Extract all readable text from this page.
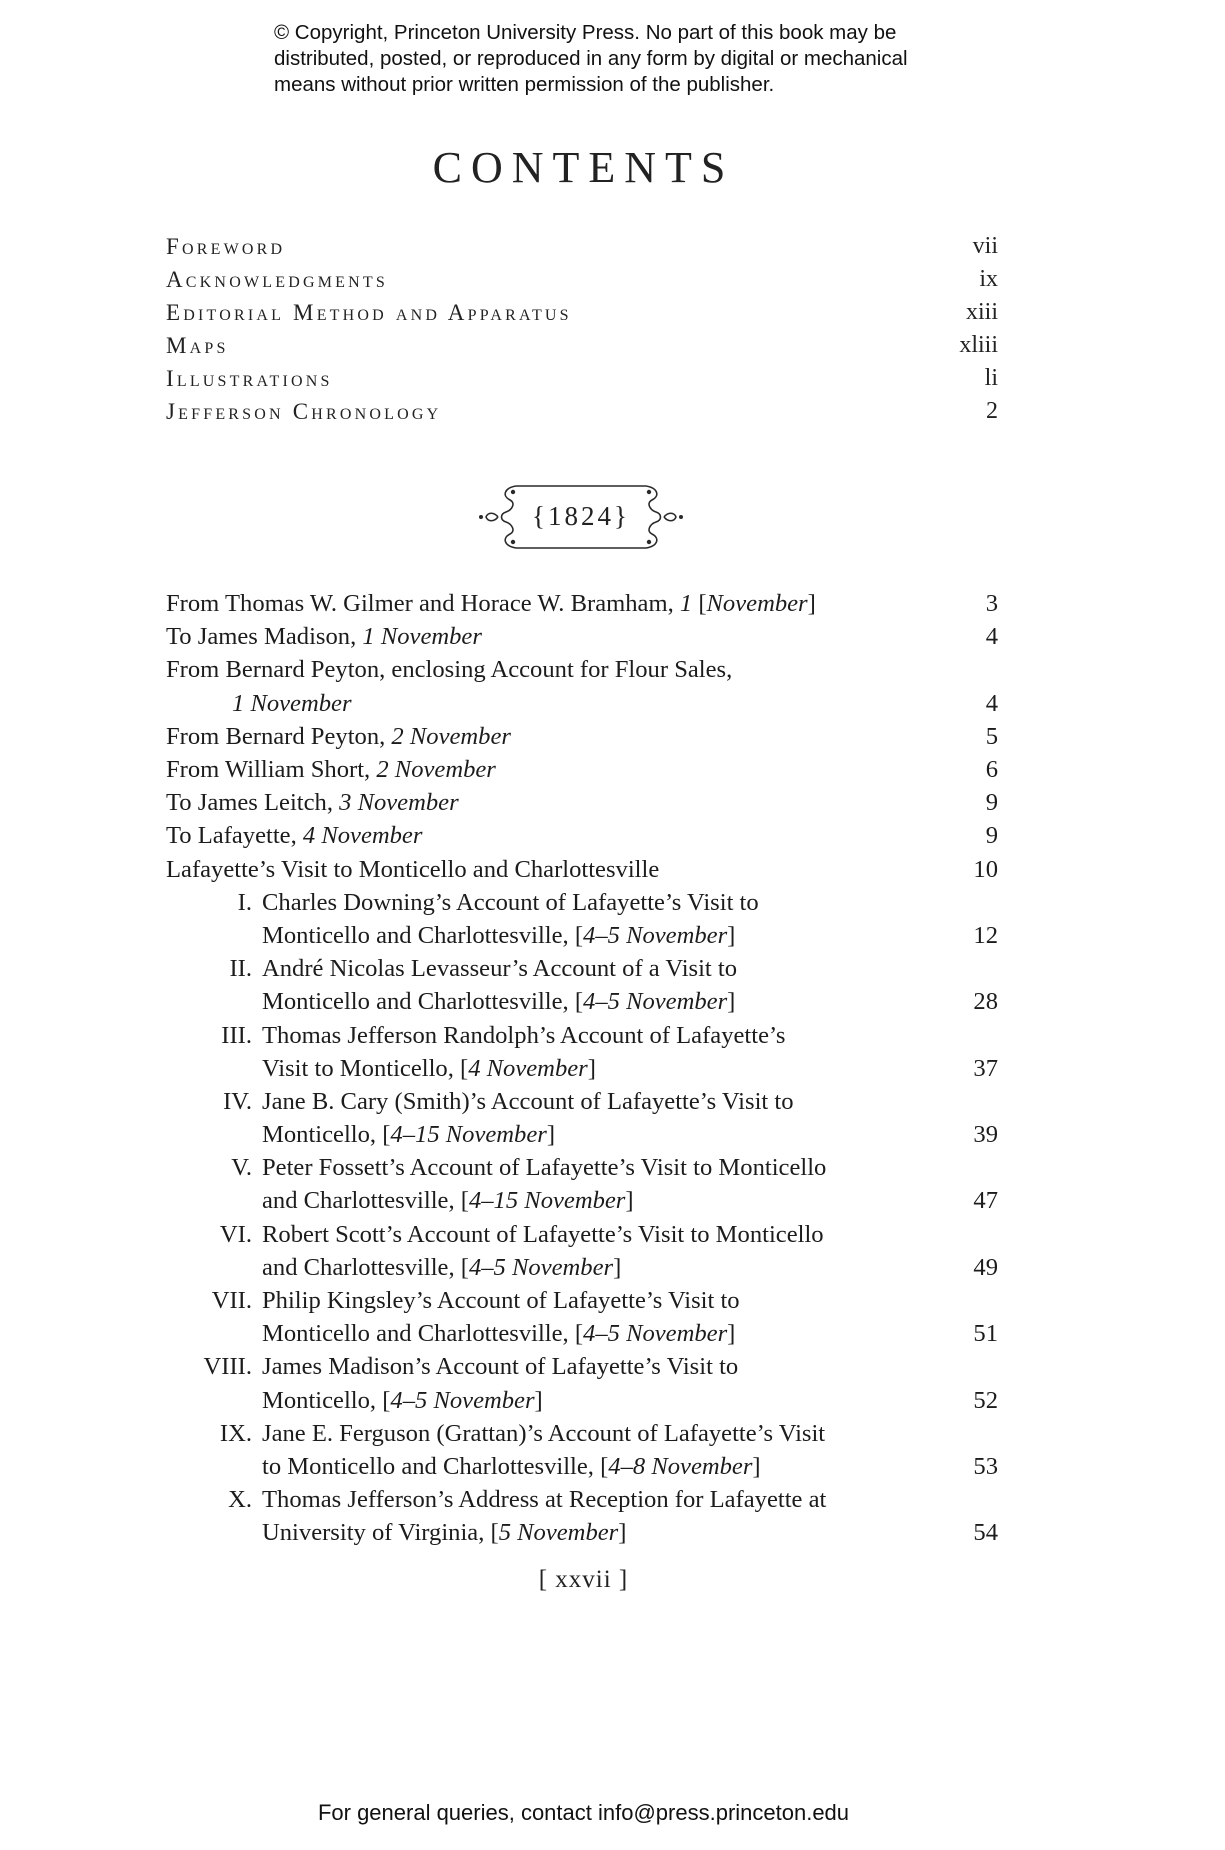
© Copyright, Princeton University Press. No part of this book may be
distributed, posted, or reproduced in any form by digital or mechanical
means without prior written permission of the publisher.
CONTENTS
Foreword	vii
Acknowledgments	ix
Editorial Method and Apparatus	xiii
Maps	xliii
Illustrations	li
Jefferson Chronology	2
{1824}
From Thomas W. Gilmer and Horace W. Bramham, 1 [November]	3
To James Madison, 1 November	4
From Bernard Peyton, enclosing Account for Flour Sales,
1 November	4
From Bernard Peyton, 2 November	5
From William Short, 2 November	6
To James Leitch, 3 November	9
To Lafayette, 4 November	9
Lafayette’s Visit to Monticello and Charlottesville	10
I. Charles Downing’s Account of Lafayette’s Visit to
Monticello and Charlottesville, [4–5 November]	12
II. André Nicolas Levasseur’s Account of a Visit to
Monticello and Charlottesville, [4–5 November]	28
III. Thomas Jefferson Randolph’s Account of Lafayette’s
Visit to Monticello, [4 November]	37
IV. Jane B. Cary (Smith)’s Account of Lafayette’s Visit to
Monticello, [4–15 November]	39
V. Peter Fossett’s Account of Lafayette’s Visit to Monticello
and Charlottesville, [4–15 November]	47
VI. Robert Scott’s Account of Lafayette’s Visit to Monticello
and Charlottesville, [4–5 November]	49
VII. Philip Kingsley’s Account of Lafayette’s Visit to
Monticello and Charlottesville, [4–5 November]	51
VIII. James Madison’s Account of Lafayette’s Visit to
Monticello, [4–5 November]	52
IX. Jane E. Ferguson (Grattan)’s Account of Lafayette’s Visit
to Monticello and Charlottesville, [4–8 November]	53
X. Thomas Jefferson’s Address at Reception for Lafayette at
University of Virginia, [5 November]	54
[ xxvii ]
For general queries, contact info@press.princeton.edu
